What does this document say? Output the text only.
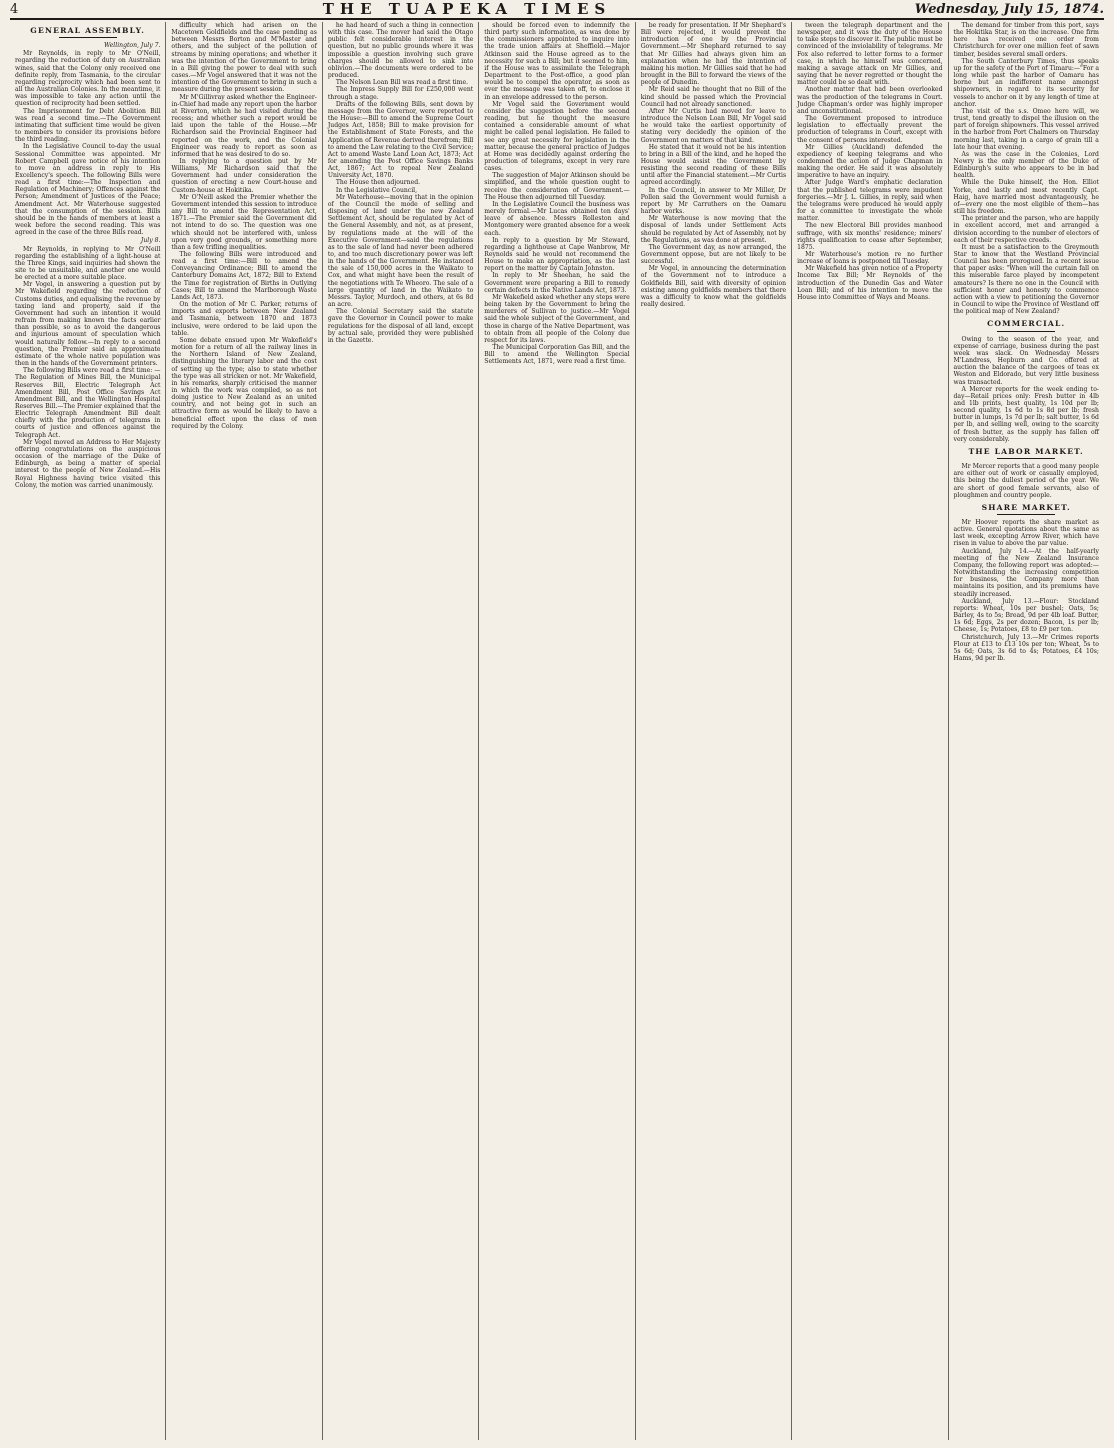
4	THE TUAPEKA TIMES	Wednesday, July 15, 1874.
GENERAL ASSEMBLY.
Wellington, July 7.

Mr Reynolds, in reply to Mr O'Neill, regarding the reduction of duty on Australian wines, said that the Colony only received one definite reply, from Tasmania, to the circular regarding reciprocity which had been sent to all the Australian Colonies. In the meantime, it was impossible to take any action until the question of reciprocity had been settled.

The Imprisonment for Debt Abolition Bill was read a second time.—The Government intimating that sufficient time would be given to members to consider its provisions before the third reading.

In the Legislative Council to-day the usual Sessional Committee was appointed. Mr Robert Campbell gave notice of his intention to move an address in reply to His Excellency's speech. The following Bills were read a first time:—The Inspection and Regulation of Machinery; Offences against the Person; Amendment of Justices of the Peace; Amendment Act. Mr Waterhouse suggested that the consumption of the session. Bills should be in the hands of members at least a week before the second reading. This was agreed in the case of the three Bills read.

July 8.

Mr Reynolds, in replying to Mr O'Neill regarding the establishing of a light-house at the Three Kings, said inquiries had shown the site to be unsuitable, and another one would be erected at a more suitable place.

Mr Vogel, in answering a question put by Mr Wakefield regarding the reduction of Customs duties, and equalising the revenue by taxing land and property, said if the Government had such an intention it would refrain from making known the facts earlier than possible, so as to avoid the dangerous and injurious amount of speculation which would naturally follow.—In reply to a second question, the Premier said an approximate estimate of the whole native population was then in the hands of the Government printers.

The following Bills were read a first time: —The Regulation of Mines Bill, the Municipal Reserves Bill, Electric Telegraph Act Amendment Bill, Post Office Savings Act Amendment Bill, and the Wellington Hospital Reserves Bill.—The Premier explained that the Electric Telegraph Amendment Bill dealt chiefly with the production of telegrams in courts of justice and offences against the Telegraph Act.

Mr Vogel moved an Address to Her Majesty offering congratulations on the auspicious occasion of the marriage of the Duke of Edinburgh, as being a matter of special interest to the people of New Zealand.—His Royal Highness having twice visited this Colony, the motion was carried unanimously.

difficulty which had arisen on the Macetown Goldfields and the case pending as between Messrs Borton and M'Master and others, and the subject of the pollution of streams by mining operations; and whether it was the intention of the Government to bring in a Bill giving the power to deal with such cases.—Mr Vogel answered that it was not the intention of the Government to bring in such a measure during the present session.

Mr M'Gillivray asked whether the Engineer-in-Chief had made any report upon the harbor at Riverton, which he had visited during the recess; and whether such a report would be laid upon the table of the House.—Mr Richardson said the Provincial Engineer had reported on the work, and the Colonial Engineer was ready to report as soon as informed that he was desired to do so.

In replying to a question put by Mr Williams, Mr Richardson said that the Government had under consideration the question of erecting a new Court-house and Custom-house at Hokitika.

Mr O'Neill asked the Premier whether the Government intended this session to introduce any Bill to amend the Representation Act, 1871.—The Premier said the Government did not intend to do so. The question was one which should not be interfered with, unless upon very good grounds, or something more than a few trifling inequalities.

The following Bills were introduced and read a first time:—Bill to amend the Conveyancing Ordinance; Bill to amend the Canterbury Domains Act, 1872; Bill to Extend the Time for registration of Births in Outlying Cases; Bill to amend the Marlborough Waste Lands Act, 1873.

On the motion of Mr C. Parker, returns of imports and exports between New Zealand and Tasmania, between 1870 and 1873 inclusive, were ordered to be laid upon the table.

Some debate ensued upon Mr Wakefield's motion for a return of all the railway lines in the Northern Island of New Zealand, distinguishing the literary labor and the cost of setting up the type; also to state whether the type was all stricken or not. Mr Wakefield, in his remarks, sharply criticised the manner in which the work was compiled, so as not doing justice to New Zealand as an united country, and not being got in such an attractive form as would be likely to have a beneficial effect upon the class of men required by the Colony.

he had heard of such a thing in connection with this case. The mover had said the Otago public felt considerable interest in the question, but no public grounds where it was impossible a question involving such grave charges should be allowed to sink into oblivion.—The documents were ordered to be produced.

The Nelson Loan Bill was read a first time.

The Impress Supply Bill for £250,000 went through a stage.

Drafts of the following Bills, sent down by message from the Governor, were reported to the House:—Bill to amend the Supreme Court Judges Act, 1858; Bill to make provision for the Establishment of State Forests, and the Application of Revenue derived therefrom; Bill to amend the Law relating to the Civil Service; Act to amend Waste Land Loan Act, 1873; Act for amending the Post Office Savings Banks Act, 1867; Act to repeal New Zealand University Act, 1870.

The House then adjourned.

In the Legislative Council,

Mr Waterhouse—moving that in the opinion of the Council the mode of selling and disposing of land under the new Zealand Settlement Act, should be regulated by Act of the General Assembly, and not, as at present, by regulations made at the will of the Executive Government—said the regulations as to the sale of land had never been adhered to, and too much discretionary power was left in the hands of the Government. He instanced the sale of 150,000 acres in the Waikato to Cox, and what might have been the result of the negotiations with Te Wheoro. The sale of a large quantity of land in the Waikato to Messrs. Taylor, Murdoch, and others, at 6s 8d an acre.

The Colonial Secretary said the statute gave the Governor in Council power to make regulations for the disposal of all land, except by actual sale, provided they were published in the Gazette.

should be forced even to indemnify the third party such information, as was done by the commissioners appointed to inquire into the trade union affairs at Sheffield.—Major Atkinson said the House agreed as to the necessity for such a Bill; but it seemed to him, if the House was to assimilate the Telegraph Department to the Post-office, a good plan would be to compel the operator, as soon as ever the message was taken off, to enclose it in an envelope addressed to the person.

Mr Vogel said the Government would consider the suggestion before the second reading, but he thought the measure contained a considerable amount of what might be called penal legislation. He failed to see any great necessity for legislation in the matter, because the general practice of Judges at Home was decidedly against ordering the production of telegrams, except in very rare cases.

The suggestion of Major Atkinson should be simplified, and the whole question ought to receive the consideration of Government.—The House then adjourned till Tuesday.

In the Legislative Council the business was merely formal.—Mr Lucas obtained ten days' leave of absence. Messrs Rolleston and Montgomery were granted absence for a week each.

In reply to a question by Mr Steward, regarding a lighthouse at Cape Wanbrow, Mr Reynolds said he would not recommend the House to make an appropriation, as the last report on the matter by Captain Johnston.

In reply to Mr Sheehan, he said the Government were preparing a Bill to remedy certain defects in the Native Lands Act, 1873.

Mr Wakefield asked whether any steps were being taken by the Government to bring the murderers of Sullivan to justice.—Mr Vogel said the whole subject of the Government, and those in charge of the Native Department, was to obtain from all people of the Colony due respect for its laws.

The Municipal Corporation Gas Bill, and the Bill to amend the Wellington Special Settlements Act, 1871, were read a first time.

be ready for presentation. If Mr Shephard's Bill were rejected, it would prevent the introduction of one by the Provincial Government.—Mr Shephard returned to say that Mr Gillies had always given him an explanation when he had the intention of making his motion. Mr Gillies said that he had brought in the Bill to forward the views of the people of Dunedin.

Mr Reid said he thought that no Bill of the kind should be passed which the Provincial Council had not already sanctioned.

After Mr Curtis had moved for leave to introduce the Nelson Loan Bill, Mr Vogel said he would take the earliest opportunity of stating very decidedly the opinion of the Government on matters of that kind.

He stated that it would not be his intention to bring in a Bill of the kind, and he hoped the House would assist the Government by resisting the second reading of these Bills until after the Financial statement.—Mr Curtis agreed accordingly.

In the Council, in answer to Mr Miller, Dr Pollen said the Government would furnish a report by Mr Carruthers on the Oamaru harbor works.

Mr Waterhouse is now moving that the disposal of lands under Settlement Acts should be regulated by Act of Assembly, not by the Regulations, as was done at present.

The Government day, as now arranged, the Government oppose, but are not likely to be successful.

Mr Vogel, in announcing the determination of the Government not to introduce a Goldfields Bill, said with diversity of opinion existing among goldfields members that there was a difficulty to know what the goldfields really desired.

tween the telegraph department and the newspaper, and it was the duty of the House to take steps to discover it. The public must be convinced of the inviolability of telegrams. Mr Fox also referred to letter forms to a former case, in which he himself was concerned, making a savage attack on Mr Gillies, and saying that he never regretted or thought the matter could be so dealt with.

Another matter that had been overlooked was the production of the telegrams in Court. Judge Chapman's order was highly improper and unconstitutional.

The Government proposed to introduce legislation to effectually prevent the production of telegrams in Court, except with the consent of persons interested.

Mr Gillies (Auckland) defended the expediency of keeping telegrams and who condemned the action of Judge Chapman in making the order. He said it was absolutely imperative to have an inquiry.

After Judge Ward's emphatic declaration that the published telegrams were impudent forgeries.—Mr J. L. Gillies, in reply, said when the telegrams were produced he would apply for a committee to investigate the whole matter.

The new Electoral Bill provides manhood suffrage, with six months' residence; miners' rights qualification to cease after September, 1875.

Mr Waterhouse's motion re no further increase of loans is postponed till Tuesday.

Mr Wakefield has given notice of a Property Income Tax Bill; Mr Reynolds of the introduction of the Dunedin Gas and Water Loan Bill; and of his intention to move the House into Committee of Ways and Means.

The demand for timber from this port, says the Hokitika Star, is on the increase. One firm here has received one order from Christchurch for over one million feet of sawn timber, besides several small orders.

The South Canterbury Times, thus speaks up for the safety of the Port of Timaru:—"For a long while past the harbor of Oamaru has borne but an indifferent name amongst shipowners, in regard to its security for vessels to anchor on it by any length of time at anchor.

The visit of the s.s. Omeo here will, we trust, tend greatly to dispel the illusion on the part of foreign shipowners. This vessel arrived in the harbor from Port Chalmers on Thursday morning last, taking in a cargo of grain till a late hour that evening.

As was the case in the Colonies, Lord Newry is the only member of the Duke of Edinburgh's suite who appears to be in bad health.

While the Duke himself, the Hon. Elliot Yorke, and lastly and most recently Capt. Haig, have married most advantageously, he of—every one the most eligible of them—has still his freedom.

The printer and the parson, who are happily in excellent accord, met and arranged a division according to the number of electors of each of their respective creeds.

It must be a satisfaction to the Greymouth Star to know that the Westland Provincial Council has been prorogued. In a recent issue that paper asks: "When will the curtain fall on this miserable farce played by incompetent amateurs? Is there no one in the Council with sufficient honor and honesty to commence action with a view to petitioning the Governor in Council to wipe the Province of Westland off the political map of New Zealand?

COMMERCIAL.

Owing to the season of the year, and expense of carriage, business during the past week was slack. On Wednesday Messrs M'Landress, Hepburn and Co. offered at auction the balance of the cargoes of teas ex Weston and Eldorado, but very little business was transacted.

A Mercer reports for the week ending to-day—Retail prices only: Fresh butter in 4lb and 1lb prints, best quality, 1s 10d per lb; second quality, 1s 6d to 1s 8d per lb; fresh butter in lumps, 1s 7d per lb; salt butter, 1s 6d per lb, and selling well, owing to the scarcity of fresh butter, as the supply has fallen off very considerably.

THE LABOR MARKET.

Mr Mercer reports that a good many people are either out of work or casually employed, this being the dullest period of the year. We are short of good female servants, also of ploughmen and country people.

SHARE MARKET.

Mr Hoover reports the share market as active. General quotations about the same as last week, excepting Arrow River, which have risen in value to above the par value.

Auckland, July 14.—At the half-yearly meeting of the New Zealand Insurance Company, the following report was adopted:—Notwithstanding the increasing competition for business, the Company more than maintains its position, and its premiums have steadily increased.

Auckland, July 13.—Flour: Stockland reports: Wheat, 10s per bushel; Oats, 5s; Barley, 4s to 5s; Bread, 9d per 4lb loaf. Butter, 1s 6d; Eggs, 2s per dozen; Bacon, 1s per lb; Cheese, 1s; Potatoes, £8 to £9 per ton.

Christchurch, July 13.—Mr Crimes reports Flour at £13 to £13 10s per ton; Wheat, 5s to 5s 6d; Oats, 3s 6d to 4s; Potatoes, £4 10s; Hams, 9d per lb.
